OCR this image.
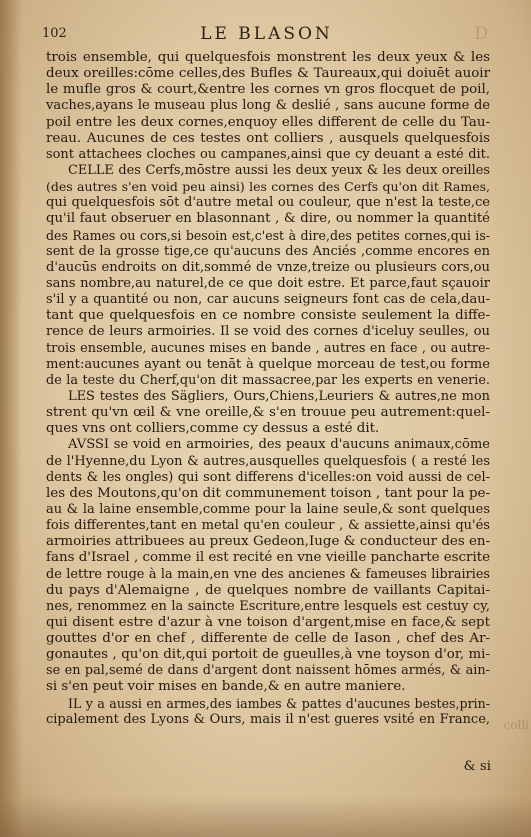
102	LE BLASON	D
trois ensemble, qui quelquesfois monstrent les deux yeux & les
deux oreilles:cōme celles,des Bufles & Taureaux,qui doiuēt auoir
le mufle gros & court,&entre les cornes vn gros flocquet de poil,
vaches,ayans le museau plus long & deslié , sans aucune forme de
poil entre les deux cornes,enquoy elles different de celle du Tau-
reau. Aucunes de ces testes ont colliers , ausquels quelquesfois
sont attachees cloches ou campanes,ainsi que cy deuant a esté dit.
CELLE des Cerfs,mōstre aussi les deux yeux & les deux oreilles
(des autres s'en void peu ainsi) les cornes des Cerfs qu'on dit Rames,
qui quelquesfois sōt d'autre metal ou couleur, que n'est la teste,ce
qu'il faut obseruer en blasonnant , & dire, ou nommer la quantité
des Rames ou cors,si besoin est,c'est à dire,des petites cornes,qui is-
sent de la grosse tige,ce qu'aucuns des Anciés ,comme encores en
d'aucūs endroits on dit,sommé de vnze,treize ou plusieurs cors,ou
sans nombre,au naturel,de ce que doit estre. Et parce,faut sçauoir
s'il y a quantité ou non, car aucuns seigneurs font cas de cela,dau-
tant que quelquesfois en ce nombre consiste seulement la diffe-
rence de leurs armoiries. Il se void des cornes d'iceluy seulles, ou
trois ensemble, aucunes mises en bande , autres en face , ou autre-
ment:aucunes ayant ou tenāt à quelque morceau de test,ou forme
de la teste du Cherf,qu'on dit massacree,par les experts en venerie.
LES testes des Sägliers, Ours,Chiens,Leuriers & autres,ne mon
strent qu'vn œil & vne oreille,& s'en trouue peu autrement:quel-
ques vns ont colliers,comme cy dessus a esté dit.
AVSSI se void en armoiries, des peaux d'aucuns animaux,cōme
de l'Hyenne,du Lyon & autres,ausquelles quelquesfois ( a resté les
dents & les ongles) qui sont differens d'icelles:on void aussi de cel-
les des Moutons,qu'on dit communement toison , tant pour la pe-
au & la laine ensemble,comme pour la laine seule,& sont quelques
fois differentes,tant en metal qu'en couleur , & assiette,ainsi qu'és
armoiries attribuees au preux Gedeon,Iuge & conducteur des en-
fans d'Israel , comme il est recité en vne vieille pancharte escrite
de lettre rouge à la main,en vne des ancienes & fameuses librairies
du pays d'Alemaigne , de quelques nombre de vaillants Capitai-
nes, renommez en la saincte Escriture,entre lesquels est cestuy cy,
qui disent estre d'azur à vne toison d'argent,mise en face,& sept
gouttes d'or en chef , differente de celle de Iason , chef des Ar-
gonautes , qu'on dit,qui portoit de gueulles,à vne toyson d'or, mi-
se en pal,semé de dans d'argent dont naissent hōmes armés, & ain-
si s'en peut voir mises en bande,& en autre maniere.
IL y a aussi en armes,des iambes & pattes d'aucunes bestes,prin-
cipalement des Lyons & Ours, mais il n'est gueres vsité en France, colli
& si
